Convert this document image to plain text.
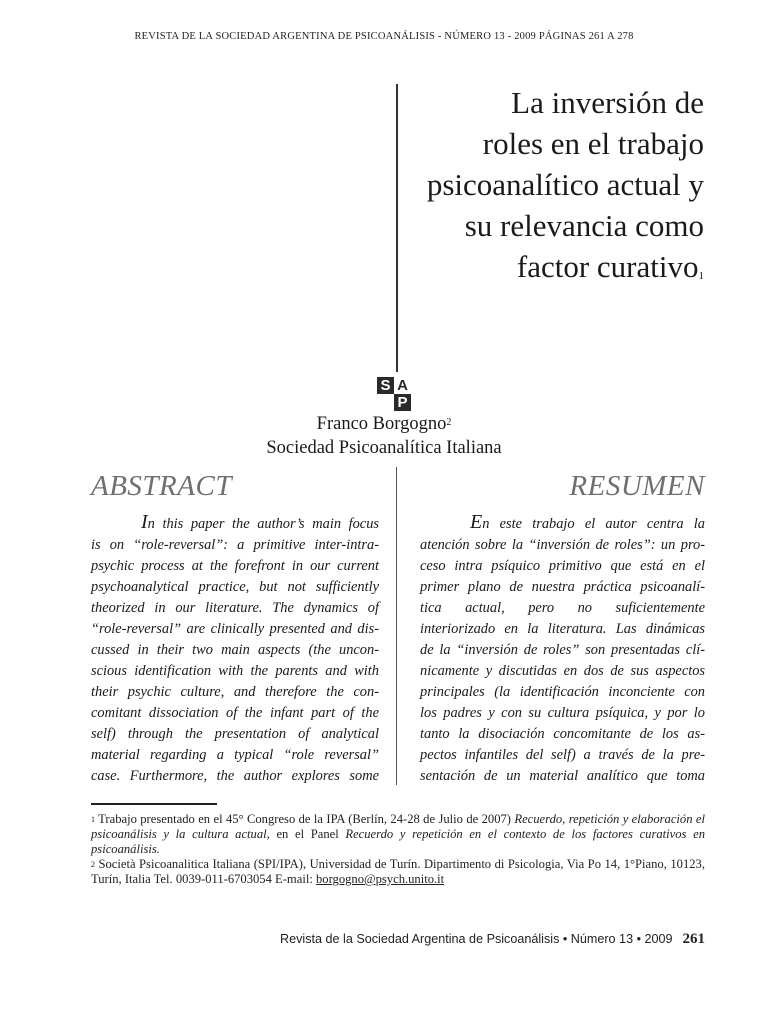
REVISTA DE LA SOCIEDAD ARGENTINA DE PSICOANÁLISIS - NÚMERO 13 - 2009 PÁGINAS 261 A 278
La inversión de
roles en el trabajo
psicoanalítico actual y
su relevancia como
factor curativo$^1$
S A
P
Franco Borgogno$^2$
Sociedad Psicoanalítica Italiana
ABSTRACT	RESUMEN
In this paper the author’s main focus
is on “role-reversal”: a primitive inter-intra-
psychic process at the forefront in our current
psychoanalytical practice, but not sufficiently
theorized in our literature. The dynamics of
“role-reversal” are clinically presented and dis-
cussed in their two main aspects (the uncon-
scious identification with the parents and with
their psychic culture, and therefore the con-
comitant dissociation of the infant part of the
self) through the presentation of analytical
material regarding a typical “role reversal”
case. Furthermore, the author explores some
En este trabajo el autor centra la
atención sobre la “inversión de roles”: un pro-
ceso intra psíquico primitivo que está en el
primer plano de nuestra práctica psicoanalí-
tica actual, pero no suficientemente
interiorizado en la literatura. Las dinámicas
de la “inversión de roles” son presentadas clí-
nicamente y discutidas en dos de sus aspectos
principales (la identificación inconciente con
los padres y con su cultura psíquica, y por lo
tanto la disociación concomitante de los as-
pectos infantiles del self) a través de la pre-
sentación de un material analítico que toma

$^1$ Trabajo presentado en el 45° Congreso de la IPA (Berlín, 24-28 de Julio de 2007) Recuerdo, repetición y elaboración el psicoanálisis y la cultura actual, en el Panel Recuerdo y repetición en el contexto de los factores curativos en psicoanálisis.

$^2$ Società Psicoanalitica Italiana (SPI/IPA), Universidad de Turín. Dipartimento di Psicologia, Via Po 14, 1°Piano, 10123, Turín, Italia Tel. 0039-011-6703054 E-mail: borgogno@psych.unito.it

Revista de la Sociedad Argentina de Psicoanálisis • Número 13 • 2009 261
